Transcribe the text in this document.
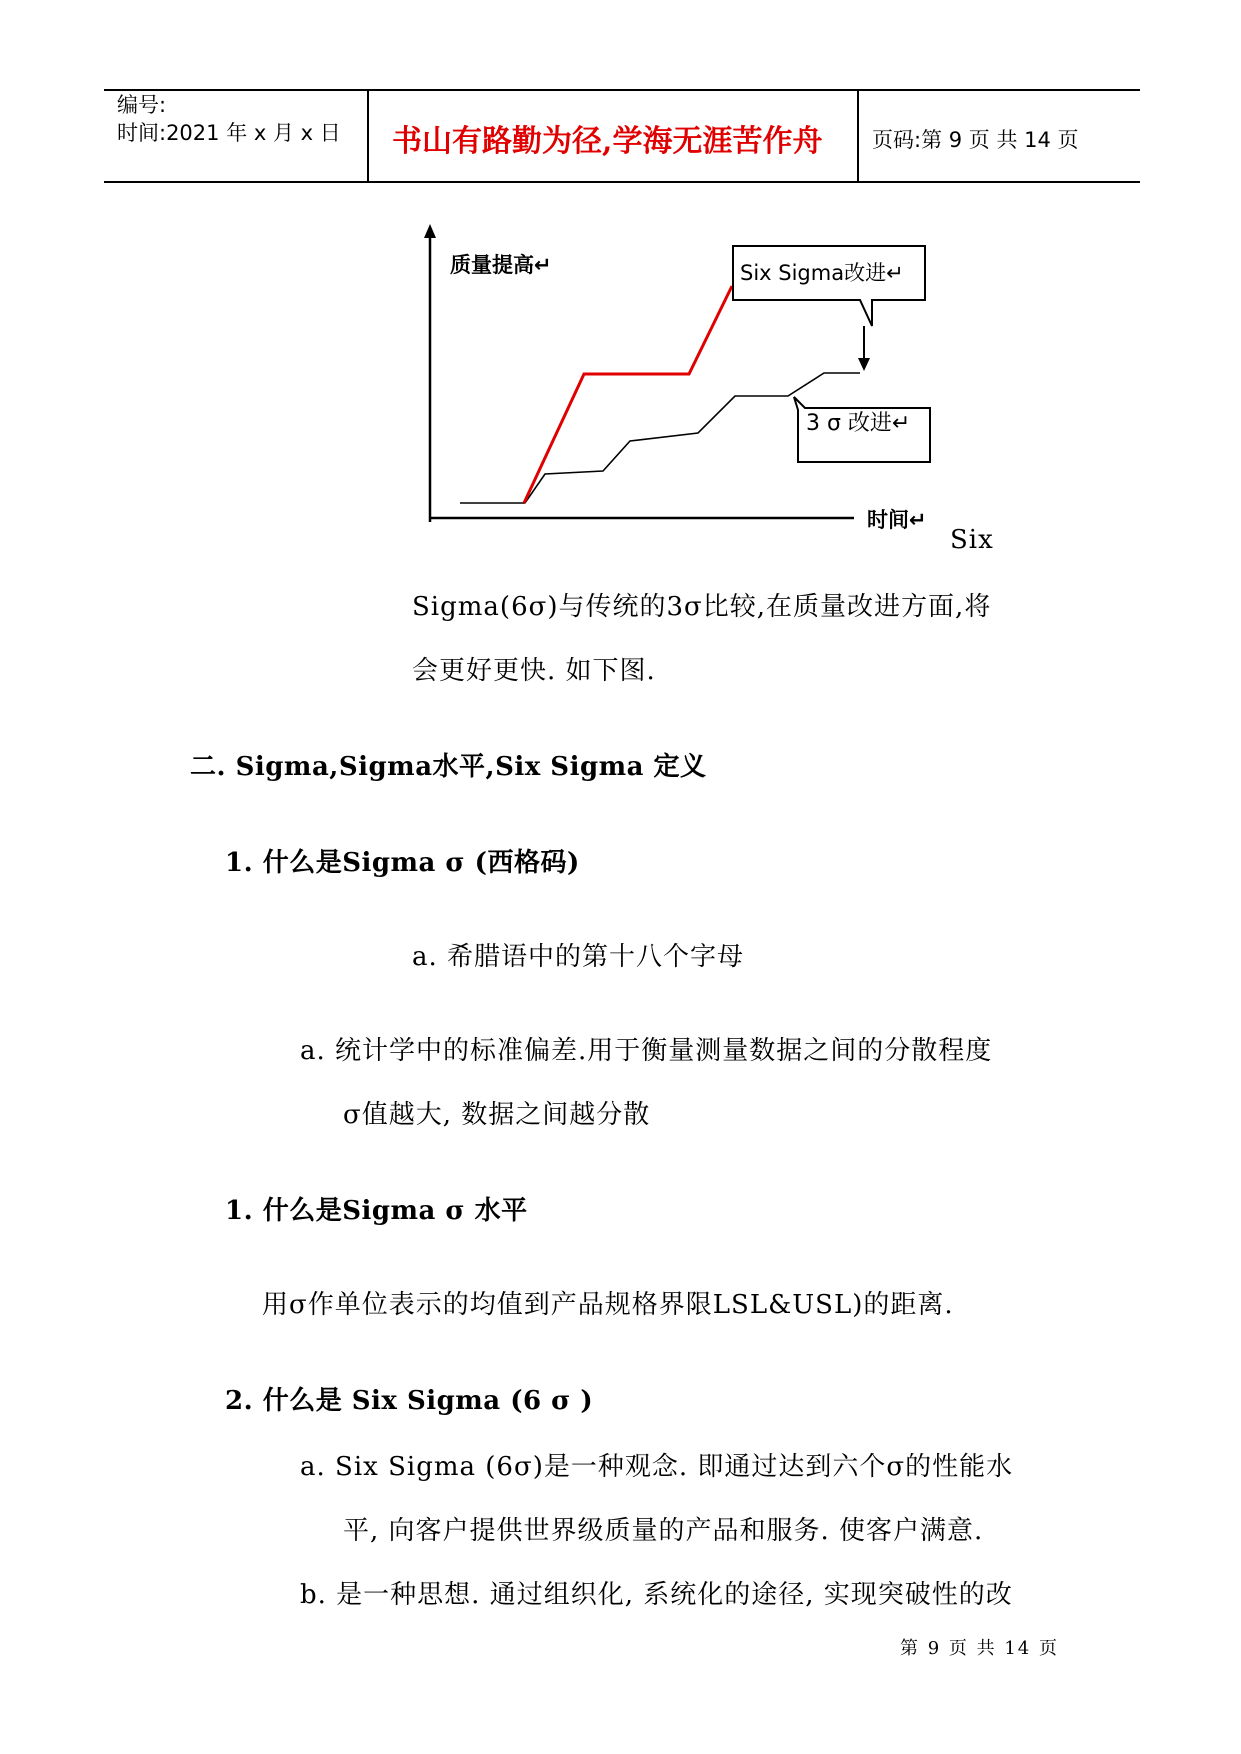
编号:
时间:2021 年 x 月 x 日 书山有路勤为径,学海无涯苦作舟 页码:第 9 页 共 14 页
质量提高↵
时间↵
Six Sigma改进↵
3 σ 改进↵
Six
Sigma(6σ)与传统的3σ比较,在质量改进方面,将
会更好更快. 如下图.
二. Sigma,Sigma水平,Six Sigma 定义
1. 什么是Sigma σ (西格码)
a. 希腊语中的第十八个字母
a. 统计学中的标准偏差.用于衡量测量数据之间的分散程度
σ值越大, 数据之间越分散
1. 什么是Sigma σ 水平
用σ作单位表示的均值到产品规格界限LSL&USL)的距离.
2. 什么是 Six Sigma (6 σ )
a. Six Sigma (6σ)是一种观念. 即通过达到六个σ的性能水
平, 向客户提供世界级质量的产品和服务. 使客户满意.
b. 是一种思想. 通过组织化, 系统化的途径, 实现突破性的改
第 9 页 共 14 页
